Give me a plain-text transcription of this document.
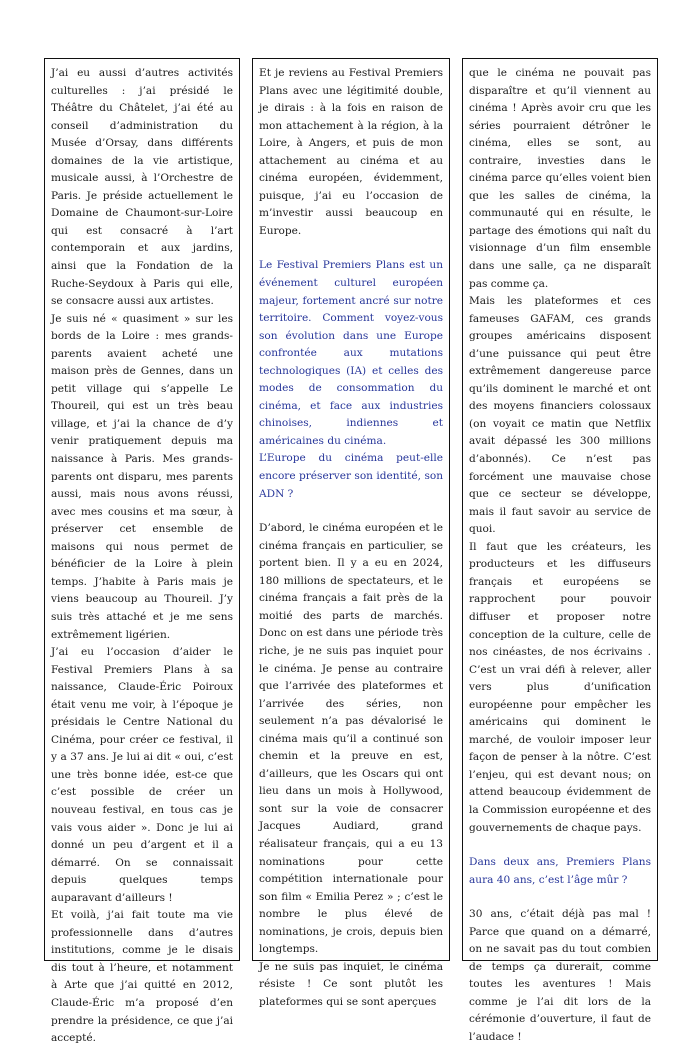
J’ai eu aussi d’autres activités culturelles : j’ai présidé le Théâtre du Châtelet, j’ai été au conseil d’administration du Musée d’Orsay, dans différents domaines de la vie artistique, musicale aussi, à l’Orchestre de Paris. Je préside actuellement le Domaine de Chaumont-sur-Loire qui est consacré à l’art contemporain et aux jardins, ainsi que la Fondation de la Ruche-Seydoux à Paris qui elle, se consacre aussi aux artistes.

Je suis né « quasiment » sur les bords de la Loire : mes grands-parents avaient acheté une maison près de Gennes, dans un petit village qui s’appelle Le Thoureil, qui est un très beau village, et j’ai la chance de d’y venir pratiquement depuis ma naissance à Paris. Mes grands-parents ont disparu, mes parents aussi, mais nous avons réussi, avec mes cousins et ma sœur, à préserver cet ensemble de maisons qui nous permet de bénéficier de la Loire à plein temps. J’habite à Paris mais je viens beaucoup au Thoureil. J’y suis très attaché et je me sens extrêmement ligérien.

J’ai eu l’occasion d’aider le Festival Premiers Plans à sa naissance, Claude-Éric Poiroux était venu me voir, à l’époque je présidais le Centre National du Cinéma, pour créer ce festival, il y a 37 ans. Je lui ai dit « oui, c’est une très bonne idée, est-ce que c’est possible de créer un nouveau festival, en tous cas je vais vous aider ». Donc je lui ai donné un peu d’argent et il a démarré. On se connaissait depuis quelques temps auparavant d’ailleurs !

Et voilà, j’ai fait toute ma vie professionnelle dans d’autres institutions, comme je le disais dis tout à l’heure, et notamment à Arte que j’ai quitté en 2012, Claude-Éric m’a proposé d’en prendre la présidence, ce que j’ai accepté.

Et je reviens au Festival Premiers Plans avec une légitimité double, je dirais : à la fois en raison de mon attachement à la région, à la Loire, à Angers, et puis de mon attachement au cinéma et au cinéma européen, évidemment, puisque, j’ai eu l’occasion de m’investir aussi beaucoup en Europe.

Le Festival Premiers Plans est un événement culturel européen majeur, fortement ancré sur notre territoire. Comment voyez-vous son évolution dans une Europe confrontée aux mutations technologiques (IA) et celles des modes de consommation du cinéma, et face aux industries chinoises, indiennes et américaines du cinéma.

L’Europe du cinéma peut-elle encore préserver son identité, son ADN ?

D’abord, le cinéma européen et le cinéma français en particulier, se portent bien. Il y a eu en 2024, 180 millions de spectateurs, et le cinéma français a fait près de la moitié des parts de marchés. Donc on est dans une période très riche, je ne suis pas inquiet pour le cinéma. Je pense au contraire que l’arrivée des plateformes et l’arrivée des séries, non seulement n’a pas dévalorisé le cinéma mais qu’il a continué son chemin et la preuve en est, d’ailleurs, que les Oscars qui ont lieu dans un mois à Hollywood, sont sur la voie de consacrer Jacques Audiard, grand réalisateur français, qui a eu 13 nominations pour cette compétition internationale pour son film « Emilia Perez » ; c’est le nombre le plus élevé de nominations, je crois, depuis bien longtemps.

Je ne suis pas inquiet, le cinéma résiste ! Ce sont plutôt les plateformes qui se sont aperçues

que le cinéma ne pouvait pas disparaître et qu’il viennent au cinéma ! Après avoir cru que les séries pourraient détrôner le cinéma, elles se sont, au contraire, investies dans le cinéma parce qu’elles voient bien que les salles de cinéma, la communauté qui en résulte, le partage des émotions qui naît du visionnage d’un film ensemble dans une salle, ça ne disparaît pas comme ça.

Mais les plateformes et ces fameuses GAFAM, ces grands groupes américains disposent d’une puissance qui peut être extrêmement dangereuse parce qu’ils dominent le marché et ont des moyens financiers colossaux (on voyait ce matin que Netflix avait dépassé les 300 millions d’abonnés). Ce n’est pas forcément une mauvaise chose que ce secteur se développe, mais il faut savoir au service de quoi.

Il faut que les créateurs, les producteurs et les diffuseurs français et européens se rapprochent pour pouvoir diffuser et proposer notre conception de la culture, celle de nos cinéastes, de nos écrivains . C’est un vrai défi à relever, aller vers plus d’unification européenne pour empêcher les américains qui dominent le marché, de vouloir imposer leur façon de penser à la nôtre. C’est l’enjeu, qui est devant nous; on attend beaucoup évidemment de la Commission européenne et des gouvernements de chaque pays.

Dans deux ans, Premiers Plans aura 40 ans, c’est l’âge mûr ?

30 ans, c’était déjà pas mal ! Parce que quand on a démarré, on ne savait pas du tout combien de temps ça durerait, comme toutes les aventures ! Mais comme je l’ai dit lors de la cérémonie d’ouverture, il faut de l’audace !
